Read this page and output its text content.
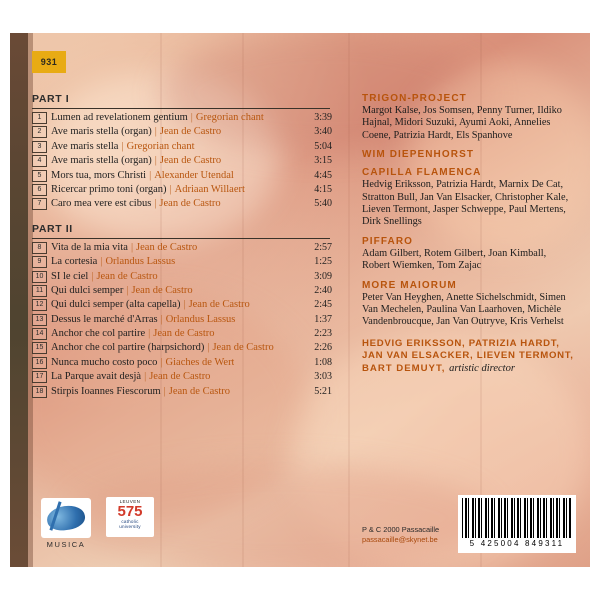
931
PART I
1 Lumen ad revelationem gentium | Gregorian chant	3:39
2 Ave maris stella (organ) | Jean de Castro	3:40
3 Ave maris stella | Gregorian chant	5:04
4 Ave maris stella (organ) | Jean de Castro	3:15
5 Mors tua, mors Christi | Alexander Utendal	4:45
6 Ricercar primo toni (organ) | Adriaan Willaert	4:15
7 Caro mea vere est cibus | Jean de Castro	5:40
PART II
8 Vita de la mia vita | Jean de Castro	2:57
9 La cortesia | Orlandus Lassus	1:25
10 SI le ciel | Jean de Castro	3:09
11 Qui dulci semper | Jean de Castro	2:40
12 Qui dulci semper (alta capella) | Jean de Castro	2:45
13 Dessus le marché d'Arras | Orlandus Lassus	1:37
14 Anchor che col partire | Jean de Castro	2:23
15 Anchor che col partire (harpsichord) | Jean de Castro	2:26
16 Nunca mucho costo poco | Giaches de Wert	1:08
17 La Parque avait desjà | Jean de Castro	3:03
18 Stirpis Ioannes Fiescorum | Jean de Castro	5:21
TRIGON-PROJECT
Margot Kalse, Jos Somsen, Penny Turner, Ildiko Hajnal, Midori Suzuki, Ayumi Aoki, Annelies Coene, Patrizia Hardt, Els Spanhove
WIM DIEPENHORST
CAPILLA FLAMENCA
Hedvig Eriksson, Patrizia Hardt, Marnix De Cat, Stratton Bull, Jan Van Elsacker, Christopher Kale, Lieven Termont, Jasper Schweppe, Paul Mertens, Dirk Snellings
PIFFARO
Adam Gilbert, Rotem Gilbert, Joan Kimball, Robert Wiemken, Tom Zajac
MORE MAIORUM
Peter Van Heyghen, Anette Sichelschmidt, Simen Van Mechelen, Paulina Van Laarhoven, Michèle Vandenbroucque, Jan Van Outryve, Kris Verhelst
HEDVIG ERIKSSON, PATRIZIA HARDT, JAN VAN ELSACKER, LIEVEN TERMONT,
BART DEMUYT, artistic director
MUSICA
LEUVEN
575
catholic
university	P & C 2000 Passacaille
passacaille@skynet.be	5 425004 849311
